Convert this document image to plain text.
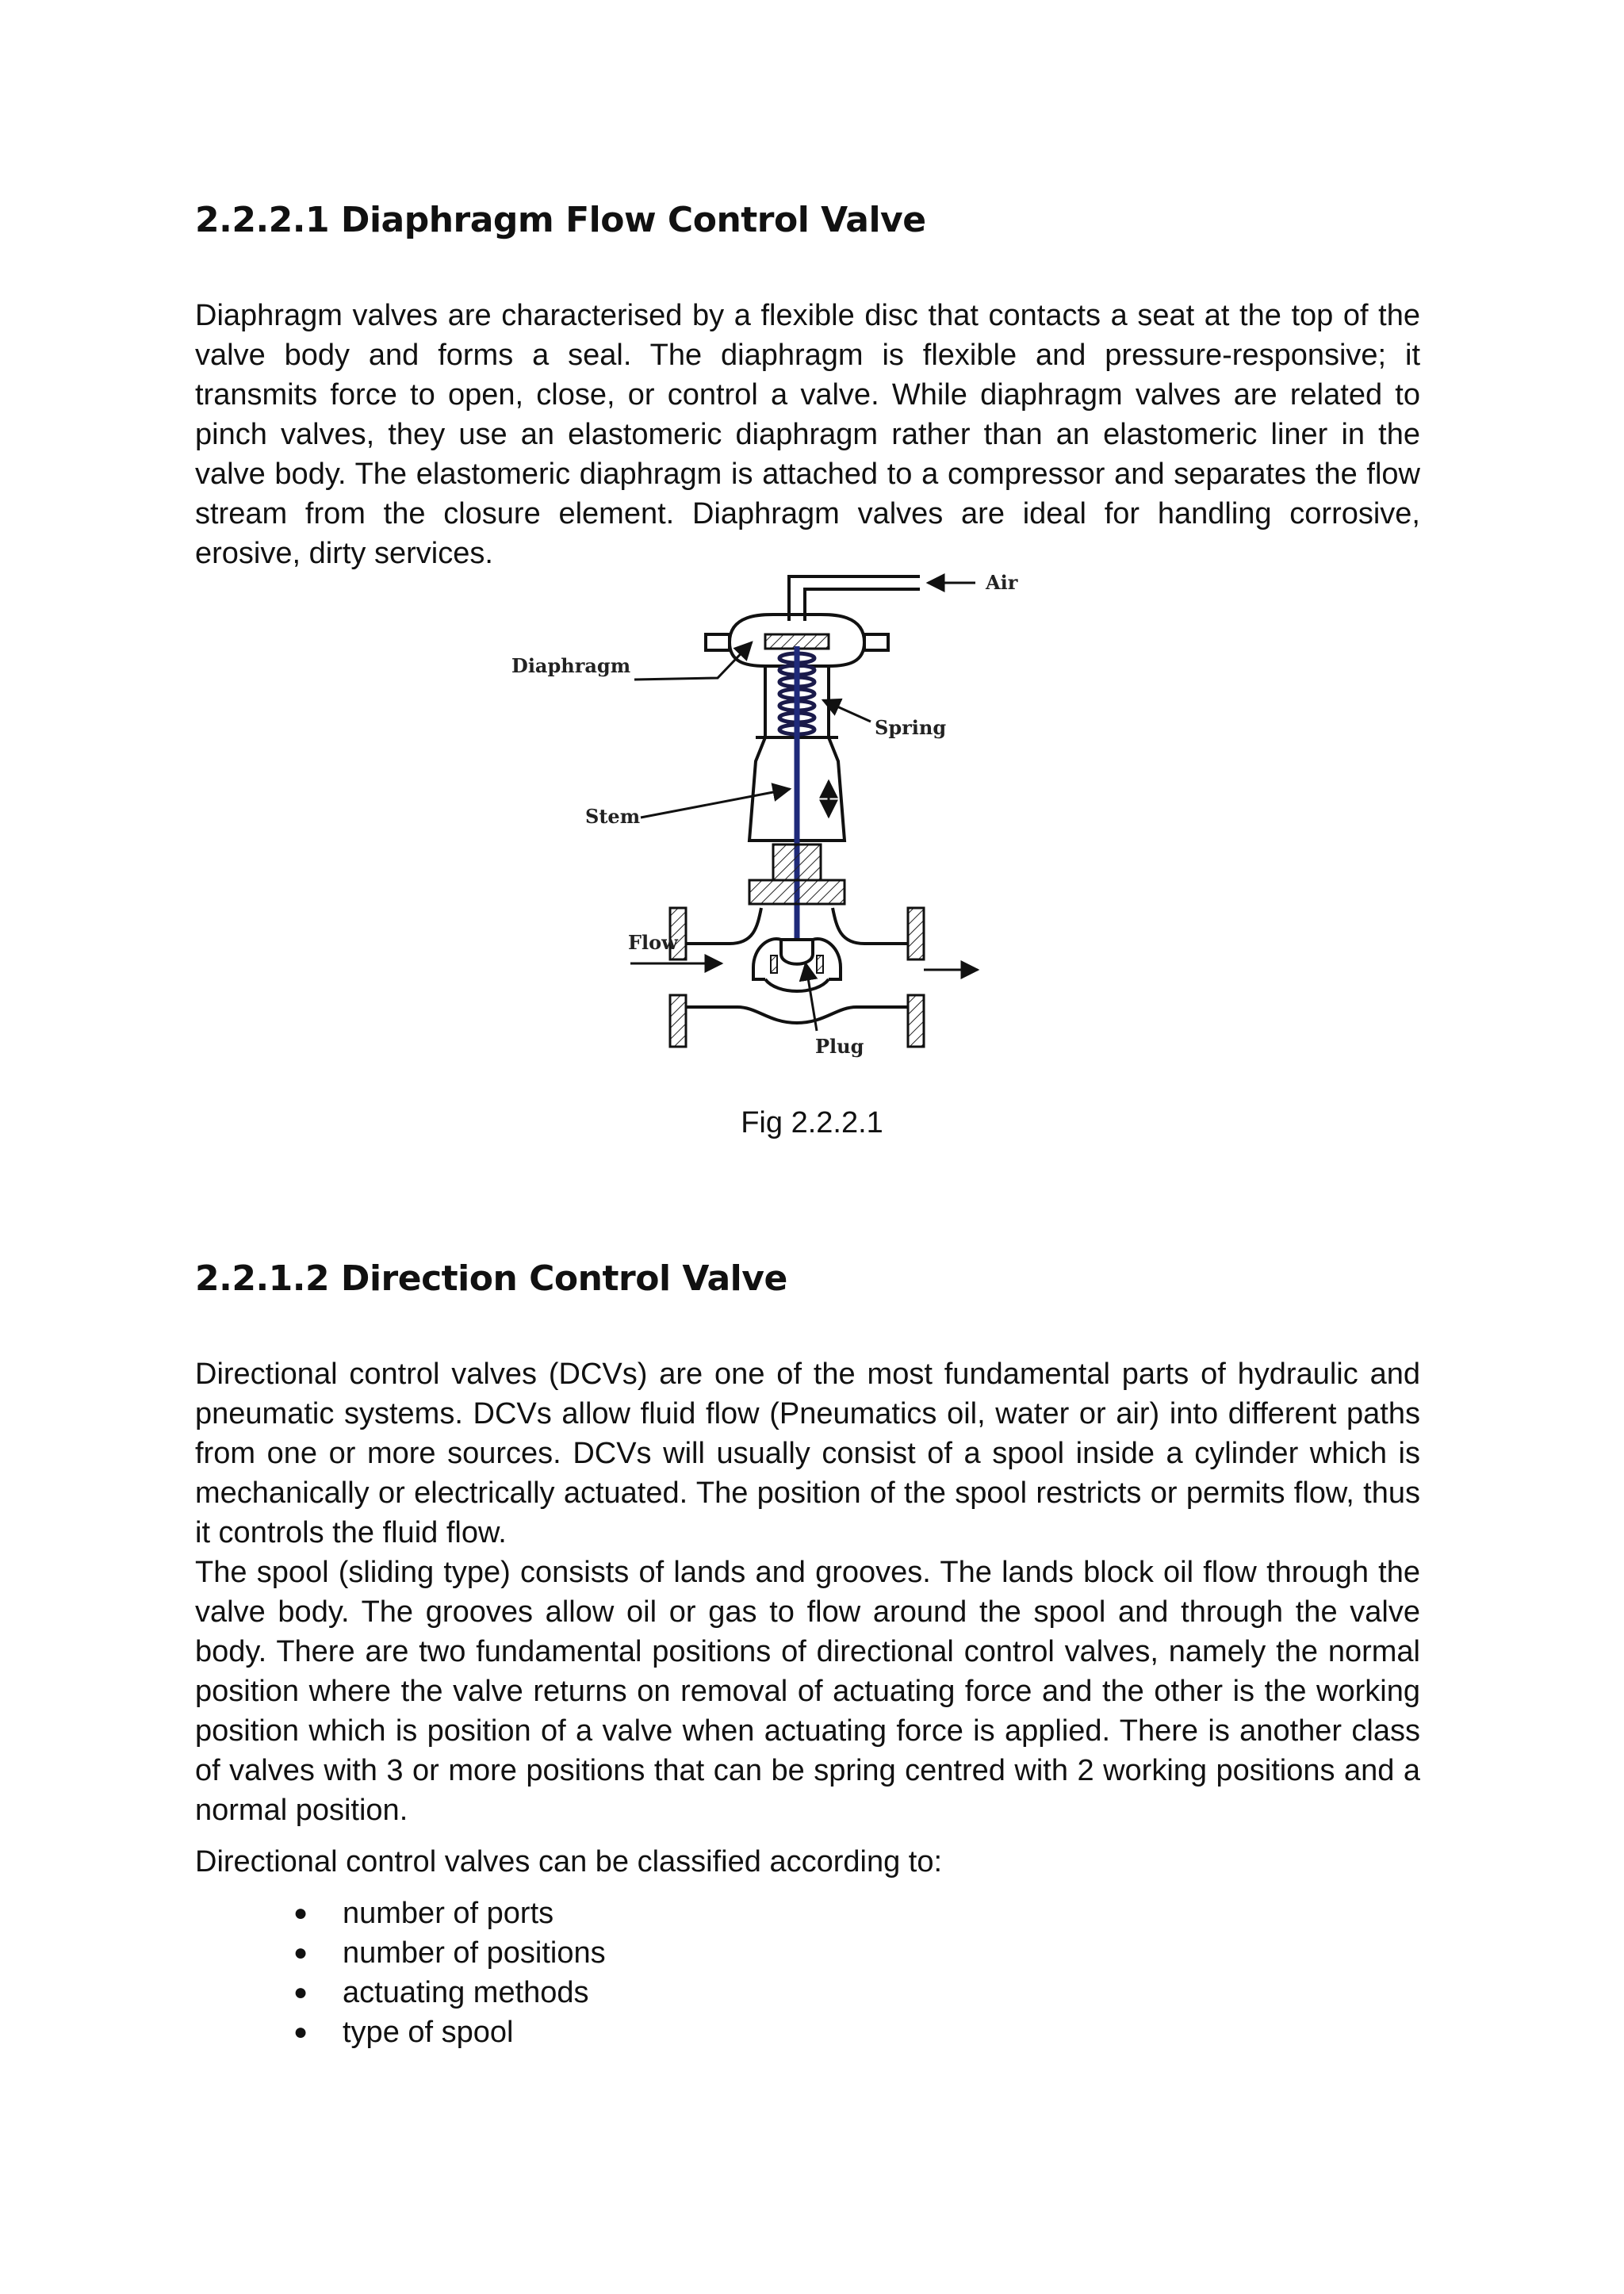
2.2.2.1 Diaphragm Flow Control Valve

Diaphragm valves are characterised by a flexible disc that contacts a seat at the top of the valve body and forms a seal. The diaphragm is flexible and pressure-responsive; it transmits force to open, close, or control a valve. While diaphragm valves are related to pinch valves, they use an elastomeric diaphragm rather than an elastomeric liner in the valve body. The elastomeric diaphragm is attached to a compressor and separates the flow stream from the closure element. Diaphragm valves are ideal for handling corrosive, erosive, dirty services.

Air
Diaphragm
Spring
Stem
Flow
Plug
Fig 2.2.2.1
2.2.1.2 Direction Control Valve

Directional control valves (DCVs) are one of the most fundamental parts of hydraulic and pneumatic systems. DCVs allow fluid flow (Pneumatics oil, water or air) into different paths from one or more sources. DCVs will usually consist of a spool inside a cylinder which is mechanically or electrically actuated. The position of the spool restricts or permits flow, thus it controls the fluid flow.

The spool (sliding type) consists of lands and grooves. The lands block oil flow through the valve body. The grooves allow oil or gas to flow around the spool and through the valve body. There are two fundamental positions of directional control valves, namely the normal position where the valve returns on removal of actuating force and the other is the working position which is position of a valve when actuating force is applied. There is another class of valves with 3 or more positions that can be spring centred with 2 working positions and a normal position.

Directional control valves can be classified according to:

● number of ports
● number of positions
● actuating methods
● type of spool
